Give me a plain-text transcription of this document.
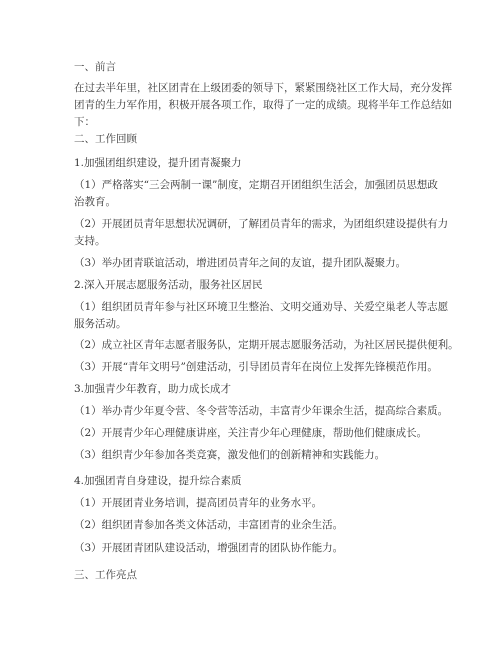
一、前言
在过去半年里，社区团青在上级团委的领导下，紧紧围绕社区工作大局，充分发挥
团青的生力军作用，积极开展各项工作，取得了一定的成绩。现将半年工作总结如
下：
二、工作回顾
1.加强团组织建设，提升团青凝聚力
（1）严格落实“三会两制一课”制度，定期召开团组织生活会，加强团员思想政
治教育。
（2）开展团员青年思想状况调研，了解团员青年的需求，为团组织建设提供有力
支持。
（3）举办团青联谊活动，增进团员青年之间的友谊，提升团队凝聚力。
2.深入开展志愿服务活动，服务社区居民
（1）组织团员青年参与社区环境卫生整治、文明交通劝导、关爱空巢老人等志愿
服务活动。
（2）成立社区青年志愿者服务队，定期开展志愿服务活动，为社区居民提供便利。
（3）开展“青年文明号”创建活动，引导团员青年在岗位上发挥先锋模范作用。
3.加强青少年教育，助力成长成才
（1）举办青少年夏令营、冬令营等活动，丰富青少年课余生活，提高综合素质。
（2）开展青少年心理健康讲座，关注青少年心理健康，帮助他们健康成长。
（3）组织青少年参加各类竞赛，激发他们的创新精神和实践能力。
4.加强团青自身建设，提升综合素质
（1）开展团青业务培训，提高团员青年的业务水平。
（2）组织团青参加各类文体活动，丰富团青的业余生活。
（3）开展团青团队建设活动，增强团青的团队协作能力。
三、工作亮点
